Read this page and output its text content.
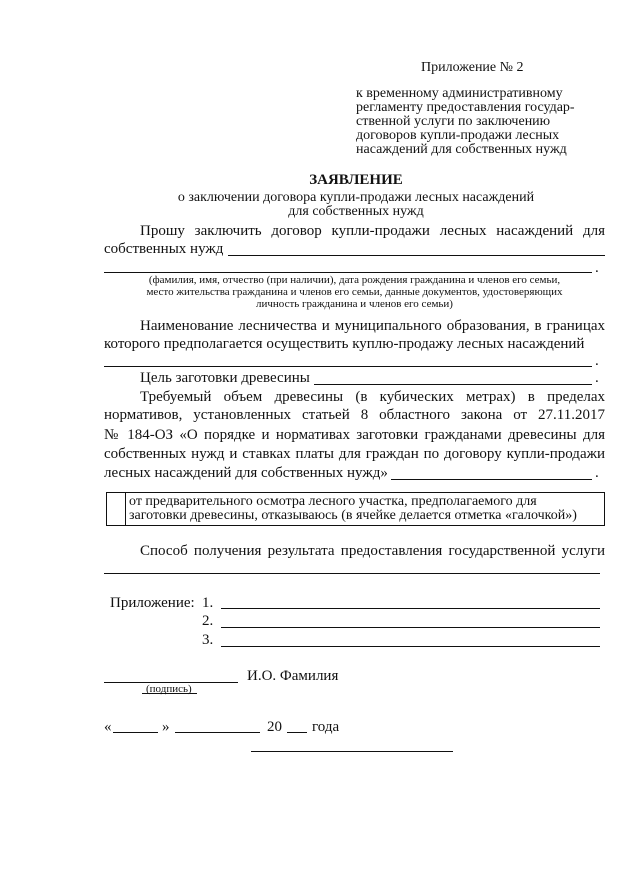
Приложение № 2
к временному административному
регламенту предоставления государ-
ственной услуги по заключению
договоров купли-продажи лесных
насаждений для собственных нужд
ЗАЯВЛЕНИЕ
о заключении договора купли-продажи лесных насаждений
для собственных нужд
Прошу заключить договор купли-продажи лесных насаждений для
собственных нужд
.
(фамилия, имя, отчество (при наличии), дата рождения гражданина и членов его семьи,
место жительства гражданина и членов его семьи, данные документов, удостоверяющих
личность гражданина и членов его семьи)
Наименование лесничества и муниципального образования, в границах
которого предполагается осуществить куплю-продажу лесных насаждений
.
Цель заготовки древесины	.
Требуемый объем древесины (в кубических метрах) в пределах
нормативов, установленных статьей 8 областного закона от 27.11.2017
№ 184-ОЗ «О порядке и нормативах заготовки гражданами древесины для
собственных нужд и ставках платы для граждан по договору купли-продажи
лесных насаждений для собственных нужд»	.
от предварительного осмотра лесного участка, предполагаемого для
заготовки древесины, отказываюсь (в ячейке делается отметка «галочкой»)
Способ получения результата предоставления государственной услуги
Приложение: 1.
2.
3.
И.О. Фамилия
(подпись)
«	»	20 года
